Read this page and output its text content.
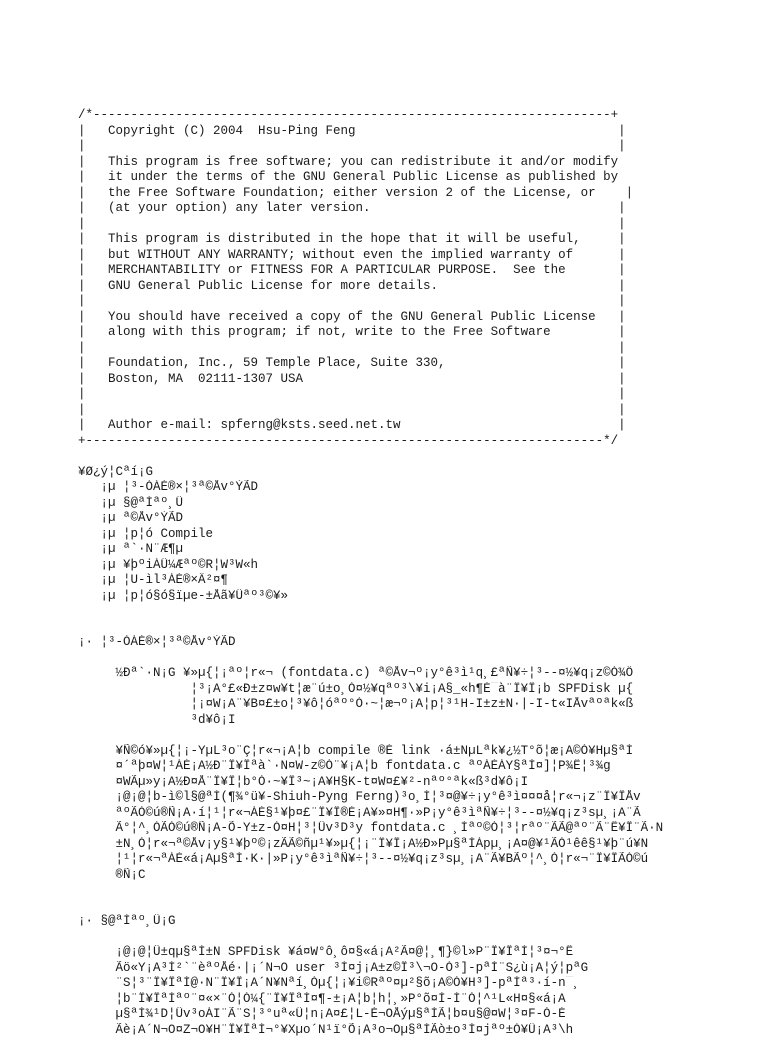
/*---------------------------------------------------------------------+
|   Copyright (C) 2004  Hsu-Ping Feng                                   |
|                                                                       |
|   This program is free software; you can redistribute it and/or modify
|   it under the terms of the GNU General Public License as published by
|   the Free Software Foundation; either version 2 of the License, or    |
|   (at your option) any later version.                                 |
|                                                                       |
|   This program is distributed in the hope that it will be useful,     |
|   but WITHOUT ANY WARRANTY; without even the implied warranty of      |
|   MERCHANTABILITY or FITNESS FOR A PARTICULAR PURPOSE.  See the       |
|   GNU General Public License for more details.                        |
|                                                                       |
|   You should have received a copy of the GNU General Public License   |
|   along with this program; if not, write to the Free Software         |
|                                                                       |
|   Foundation, Inc., 59 Temple Place, Suite 330,                       |
|   Boston, MA  02111-1307 USA                                          |
|                                                                       |
|                                                                       |
|   Author e-mail: spferng@ksts.seed.net.tw                             |
+---------------------------------------------------------------------*/
¥Ø¿ý¦Cªí¡G
¡µ ¦³-ÓÀÉ®×¦³ª©Åv°ÝÃD
¡µ §@ªÌªº¸Ü
¡µ ª©Åv°ÝÃD
¡µ ¦p¦ó Compile
¡µ ª`·N¨Æ¶µ
¡µ ¥þºiÀÜ¼Æªº©R¦W³W«h
¡µ ¦U-ìl³ÀÉ®×Â²¤¶
¡µ ¦p¦ó§ó§ïµe-±Åã¥Üªº³©¥»
¡· ¦³-ÓÀÉ®×¦³ª©Åv°ÝÃD
½Ðª`·N¡G ¥»µ{¦¡ªº¦r«¬ (fontdata.c) ª©Åv¬º¡y°ê³ì¹q¸£ªÑ¥÷¦³--¤½¥q¡z©Ò¾Ö
¦³¡A°£«Ð±z¤w¥t¦æ¨ú±o¸Ó¤½¥qªº³\¥i¡A§_«h¶È¯à¨Ï¥Î¡b SPFDisk µ{
¦¡¤W¡A¨¥B¤£±o¦³¥ô¦óªº°Ó·~¦æ¬º¡A¦p¦³¹H-I±z±N·|-I-t«IÅvªºªk«ß
³d¥ô¡I
¥Ñ©ó¥»µ{¦¡-YµL³o¨Ç¦r«¬¡A¦b compile ®É link ·á±NµLªk¥¿½T°õ¦æ¡A©Ò¥Hµ§ªÌ
¤´ªþ¤W¦¹ÀÉ¡A½Ð¨Ï¥Îªà`·N¤W-z©Ò¨¥¡A¦b fontdata.c ªºÀÉÀY§ªÌ¤]¦P¾Ë¦³¾g
¤WÃµ»y¡A½Ð¤Å¨Ï¥Î¦b°Ó·~¥Î³~¡A¥H§K-t¤W¤£¥²-nªº°ªk«ß³d¥ô¡I
¡@¡@¦b-ì©l§@ªÌ(¶¾°ü¥-Shiuh-Pyng Ferng)³o¸Ì¦³¤@¥÷¡y°ê³ì¤¤¤å¦r«¬¡z¨Ï¥ÎÅv
ªºÃÒ©ú®Ñ¡A·í¦¹¦r«¬ÀÉ§¹¥þ¤£¨Ï¥Î®É¡A¥»¤H¶·»P¡y°ê³ìªÑ¥÷¦³--¤½¥q¡z³sµ¸¡A¨Ã
Ã°¦^¸ÓÃÒ©ú®Ñ¡A-Õ-Y±z-Ó¤H¦³¦Ûv³D³y fontdata.c ¸Ìªº©Ò¦³¦rªº¨ÃÃ@ªº¨Ã¨Ê¥Î¨Ã·N
±N¸Ó¦r«¬ª©Åv¡y§¹¥þº©¡zÃÃ©ñµ¹¥»µ{¦¡¨Ï¥Î¡A½Ð»Pµ§ªÌÁpµ¸¡A¤@¥¹ÃÒ¹êê§¹¥þ¨ú¥N
¦¹¦r«¬ªÀÉ«á¡Aµ§ªÌ·K·|»P¡y°ê³ìªÑ¥÷¦³--¤½¥q¡z³sµ¸¡A¨Ã¥BÃº¦^¸Ó¦r«¬¨Ï¥ÎÃÒ©ú
®Ñ¡C
¡· §@ªÌªº¸Ü¡G
¡@¡@¦Û±qµ§ªÌ±N SPFDisk ¥á¤W°ô¸ô¤§«á¡A²Ã¤@¦¸¶}©l»P¨Ï¥ÎªÌ¦³¤¬°Ê
Ãö«Y¡A³Ì²`¨èªºÅé·|¡´N¬O user ³Ì¤j¡A±z©Î³\¬O-Ó³]-pªÌ¨S¿ù¡A¦ý¦pªG
¨S¦³¨Ï¥ÎªÌ@·N¨Ï¥Î¡A´N¥Nªí¸Óµ{¦¡¥i©Rªº¤µ²§õ¡A©Ò¥H³]-pªÌª³·í-n¯¸
¦b¨Ï¥ÎªÌªº¨¤«×¨Ó¦Ò¼{¨Ï¥ÎªÌ¤¶-±¡A¦b¦h¦¸»P°õ¤Í-Ì¨Ó¦^¹L«H¤§«á¡A
µ§ªÌ¾¹D¦Ûv³oÀI¨Ã¨S¦³°uª«Ü¦n¡A¤£¦L-É¬OÅýµ§ªÌÃ¦b¤u§@¤W¦³¤F-Ó-É
Ãè¡A´N¬O¤Z¬O¥H¨Ï¥ÎªÌ¬°¥Xµo´N¹ï°Õ¡A³o¬Oµ§ªÌÃò±o³Ì¤jªº±Ò¥Ü¡A³\h
